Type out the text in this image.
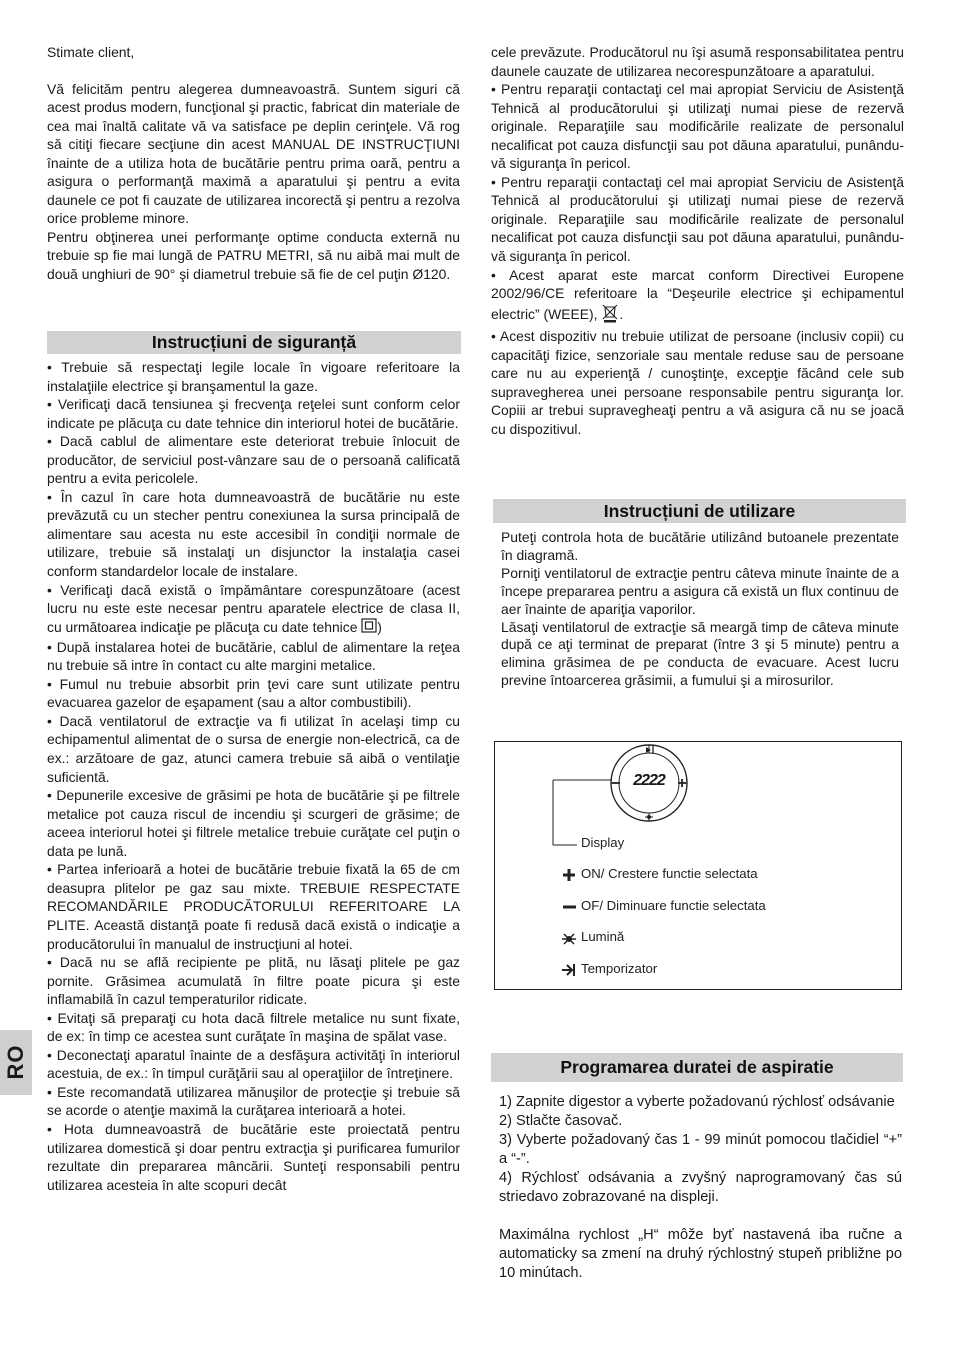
Stimate client,

Vă felicităm pentru alegerea dumneavoastră. Suntem siguri că acest produs modern, funcţional şi practic, fabricat din materiale de cea mai înaltă calitate vă va satisface pe deplin cerinţele. Vă rog să citiţi fiecare secţiune din acest MANUAL DE INSTRUCŢIUNI înainte de a utiliza hota de bucătărie pentru prima oară, pentru a asigura o performanţă maximă a aparatului şi pentru a evita daunele ce pot fi cauzate de utilizarea incorectă şi pentru a rezolva orice probleme minore.

Pentru obţinerea unei performanţe optime conducta externă nu trebuie sp fie mai lungă de PATRU METRI, să nu aibă mai mult de două unghiuri de 90° şi diametrul trebuie să fie de cel puţin Ø120.

Instrucțiuni de siguranță

• Trebuie să respectaţi legile locale în vigoare referitoare la instalaţiile electrice şi branşamentul la gaze.

• Verificaţi dacă tensiunea şi frecvenţa reţelei sunt conform celor indicate pe plăcuţa cu date tehnice din interiorul hotei de bucătărie.

• Dacă cablul de alimentare este deteriorat trebuie înlocuit de producător, de serviciul post-vânzare sau de o persoană calificată pentru a evita pericolele.

• În cazul în care hota dumneavoastră de bucătărie nu este prevăzută cu un stecher pentru conexiunea la sursa principală de alimentare sau acesta nu este accesibil în condiţii normale de utilizare, trebuie să instalaţi un disjunctor la instalaţia casei conform standardelor locale de instalare.

• Verificaţi dacă există o împământare corespunzătoare (acest lucru nu este este necesar pentru aparatele electrice de clasa II, cu următoarea indicaţie pe plăcuţa cu date tehnice )

• După instalarea hotei de bucătărie, cablul de alimentare la reţea nu trebuie să intre în contact cu alte margini metalice.

• Fumul nu trebuie absorbit prin ţevi care sunt utilizate pentru evacuarea gazelor de eşapament (sau a altor combustibili).

• Dacă ventilatorul de extracţie va fi utilizat în acelaşi timp cu echipamentul alimentat de o sursa de energie non-electrică, ca de ex.: arzătoare de gaz, atunci camera trebuie să aibă o ventilaţie suficientă.

• Depunerile excesive de grăsimi pe hota de bucătărie şi pe filtrele metalice pot cauza riscul de incendiu şi scurgeri de grăsime; de aceea interiorul hotei şi filtrele metalice trebuie curăţate cel puţin o data pe lună.

• Partea inferioară a hotei de bucătărie trebuie fixată la 65 de cm deasupra plitelor pe gaz sau mixte. TREBUIE RESPECTATE RECOMANDĂRILE PRODUCĂTORULUI REFERITOARE LA PLITE. Această distanţă poate fi redusă dacă există o indicaţie a producătorului în manualul de instrucţiuni al hotei.

• Dacă nu se află recipiente pe plită, nu lăsaţi plitele pe gaz pornite. Grăsimea acumulată în filtre poate picura şi este inflamabilă în cazul temperaturilor ridicate.

• Evitaţi să preparaţi cu hota dacă filtrele metalice nu sunt fixate, de ex: în timp ce acestea sunt curăţate în maşina de spălat vase.

• Deconectaţi aparatul înainte de a desfăşura activităţi în interiorul acestuia, de ex.: în timpul curăţării sau al operaţiilor de întreţinere.

• Este recomandată utilizarea mănuşilor de protecţie şi trebuie să se acorde o atenţie maximă la curăţarea interioară a hotei.

• Hota dumneavoastră de bucătărie este proiectată pentru utilizarea domestică şi doar pentru extracţia şi purificarea fumurilor rezultate din prepararea mâncării. Sunteţi responsabili pentru utilizarea acesteia în alte scopuri decât

cele prevăzute. Producătorul nu îşi asumă responsabilitatea pentru daunele cauzate de utilizarea necorespunzătoare a aparatului.

• Pentru reparaţii contactaţi cel mai apropiat Serviciu de Asistenţă Tehnică al producătorului şi utilizaţi numai piese de rezervă originale. Reparaţiile sau modificările realizate de personalul necalificat pot cauza disfuncţii sau pot dăuna aparatului, punându-vă siguranţa în pericol.

• Pentru reparaţii contactaţi cel mai apropiat Serviciu de Asistenţă Tehnică al producătorului şi utilizaţi numai piese de rezervă originale. Reparaţiile sau modificările realizate de personalul necalificat pot cauza disfuncţii sau pot dăuna aparatului, punându-vă siguranţa în pericol.

• Acest aparat este marcat conform Directivei Europene 2002/96/CE referitoare la “Deşeurile electrice şi echipamentul electric” (WEEE), .

• Acest dispozitiv nu trebuie utilizat de persoane (inclusiv copii) cu capacităţi fizice, senzoriale sau mentale reduse sau de persoane care nu au experienţă / cunoştinţe, excepţie făcând cele sub supravegherea unei persoane responsabile pentru siguranţa lor. Copiii ar trebui supravegheaţi pentru a vă asigura că nu se joacă cu dispozitivul.

Instrucțiuni de utilizare

Puteţi controla hota de bucătărie utilizând butoanele prezentate în diagramă.

Porniţi ventilatorul de extracţie pentru câteva minute înainte de a începe prepararea pentru a asigura că există un flux continuu de aer înainte de apariţia vaporilor.

Lăsaţi ventilatorul de extracţie să meargă timp de câteva minute după ce aţi terminat de preparat (între 3 şi 5 minute) pentru a elimina grăsimea de pe conducta de evacuare. Acest lucru previne întoarcerea grăsimii, a fumului şi a mirosurilor.

2222
Display
ON/ Crestere functie selectata
OF/ Diminuare functie selectata
Lumină
Temporizator
Programarea duratei de aspiratie

1) Zapnite digestor a vyberte požadovanú rýchlosť odsávanie

2) Stlačte časovač.

3) Vyberte požadovaný čas 1 - 99 minút pomocou tlačidiel “+” a “-”.

4) Rýchlosť odsávania a zvyšný naprogramovaný čas sú striedavo zobrazované na displeji.

Maximálna rychlost „H“ môže byť nastavená iba ručne a automaticky sa zmení na druhý rýchlostný stupeň približne po 10 minútach.

RO
